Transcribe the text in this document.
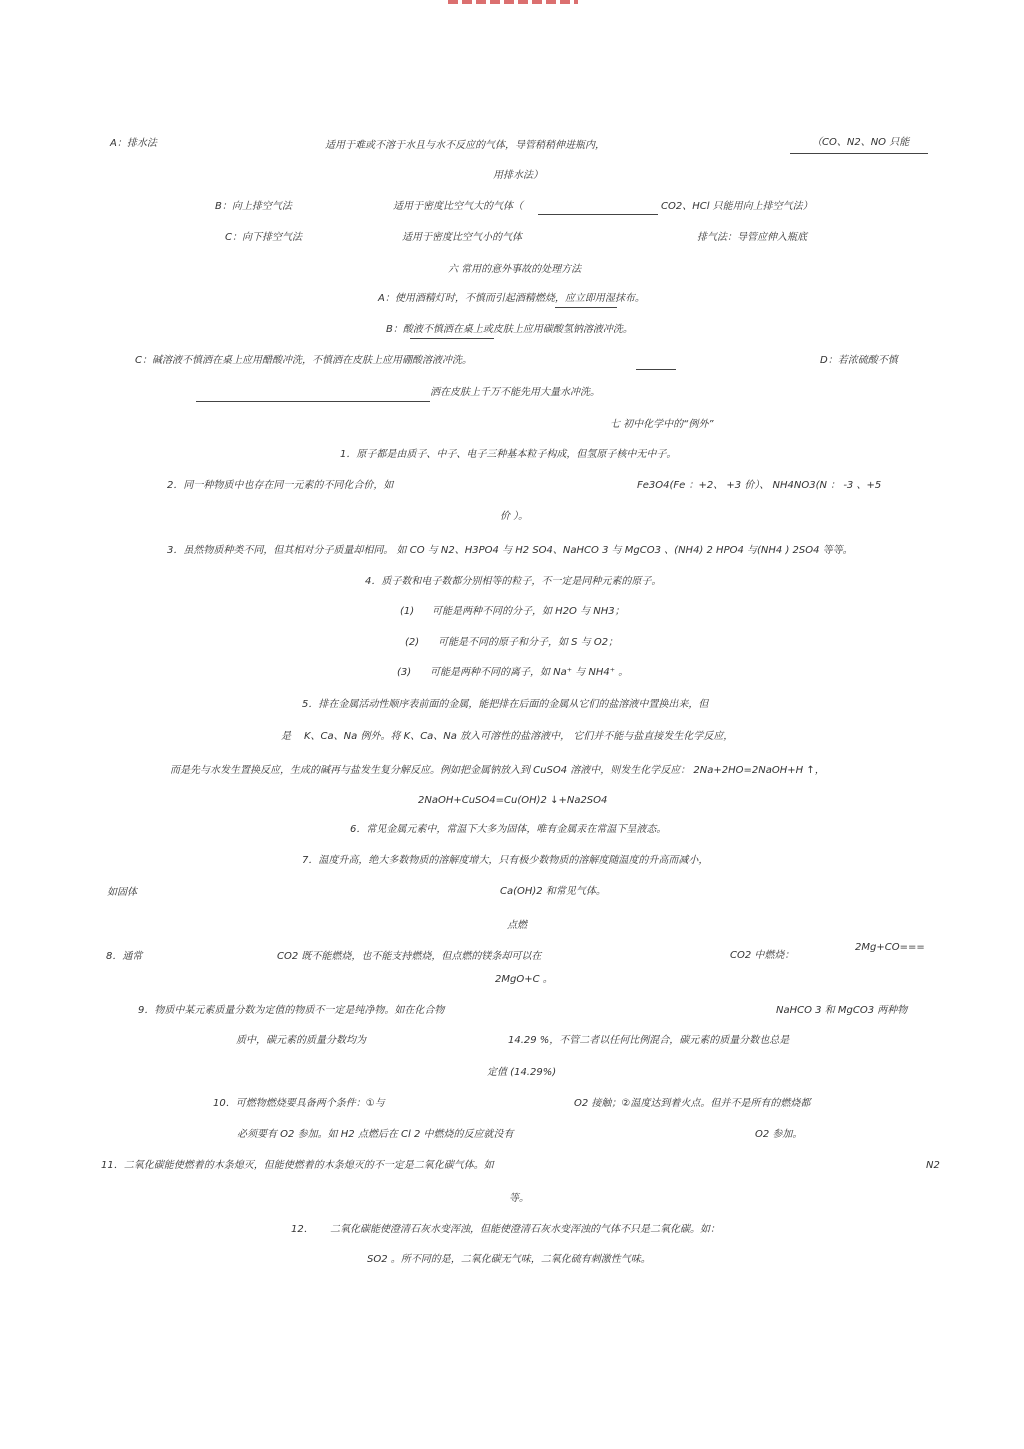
A：排水法	适用于难或不溶于水且与水不反应的气体，导管稍稍伸进瓶内，	（CO、N2、NO 只能
用排水法）
B：向上排空气法	适用于密度比空气大的气体（	CO2、HCl 只能用向上排空气法）
C：向下排空气法	适用于密度比空气小的气体	排气法：导管应伸入瓶底
六 常用的意外事故的处理方法
A：使用酒精灯时，不慎而引起酒精燃烧，应立即用湿抹布。
B：酸液不慎洒在桌上或皮肤上应用碳酸氢钠溶液冲洗。
C：碱溶液不慎洒在桌上应用醋酸冲洗，不慎洒在皮肤上应用硼酸溶液冲洗。	D：若浓硫酸不慎
洒在皮肤上千万不能先用大量水冲洗。
七 初中化学中的“例外”
1．原子都是由质子、中子、电子三种基本粒子构成，但氢原子核中无中子。
2．同一种物质中也存在同一元素的不同化合价，如	Fe3O4(Fe ：+2、 +3 价）、 NH4NO3(N ： -3 、+5
价 ）。
3．虽然物质种类不同，但其相对分子质量却相同。 如 CO 与 N2、H3PO4 与 H2 SO4、NaHCO 3 与 MgCO3 、(NH4) 2 HPO4 与(NH4 ) 2SO4 等等。
4．质子数和电子数都分别相等的粒子，不一定是同种元素的原子。
(1) 可能是两种不同的分子，如 H2O 与 NH3；
(2) 可能是不同的原子和分子，如 S 与 O2；
(3) 可能是两种不同的离子，如 Na⁺ 与 NH4⁺ 。
5．排在金属活动性顺序表前面的金属，能把排在后面的金属从它们的盐溶液中置换出来，但
是 K、Ca、Na 例外。将 K、Ca、Na 放入可溶性的盐溶液中， 它们并不能与盐直接发生化学反应，
而是先与水发生置换反应，生成的碱再与盐发生复分解反应。例如把金属钠放入到 CuSO4 溶液中，则发生化学反应： 2Na+2HO=2NaOH+H ↑，
2NaOH+CuSO4=Cu(OH)2 ↓+Na2SO4
6．常见金属元素中，常温下大多为固体，唯有金属汞在常温下呈液态。
7．温度升高，绝大多数物质的溶解度增大，只有极少数物质的溶解度随温度的升高而减小，
如固体	Ca(OH)2 和常见气体。
点燃
8．通常	CO2 既不能燃烧，也不能支持燃烧，但点燃的镁条却可以在	CO2 中燃烧：
2Mg+CO===
2MgO+C 。
9．物质中某元素质量分数为定值的物质不一定是纯净物。如在化合物	NaHCO 3 和 MgCO3 两种物
质中，碳元素的质量分数均为	14.29 %，不管二者以任何比例混合，碳元素的质量分数也总是
定值 (14.29%)
10．可燃物燃烧要具备两个条件：①与	O2 接触；②温度达到着火点。但并不是所有的燃烧都
必须要有 O2 参加。如 H2 点燃后在 Cl 2 中燃烧的反应就没有	O2 参加。
11．二氧化碳能使燃着的木条熄灭，但能使燃着的木条熄灭的不一定是二氧化碳气体。如	N2
等。
12． 二氧化碳能使澄清石灰水变浑浊，但能使澄清石灰水变浑浊的气体不只是二氧化碳。如：
SO2 。所不同的是，二氧化碳无气味，二氧化硫有刺激性气味。
